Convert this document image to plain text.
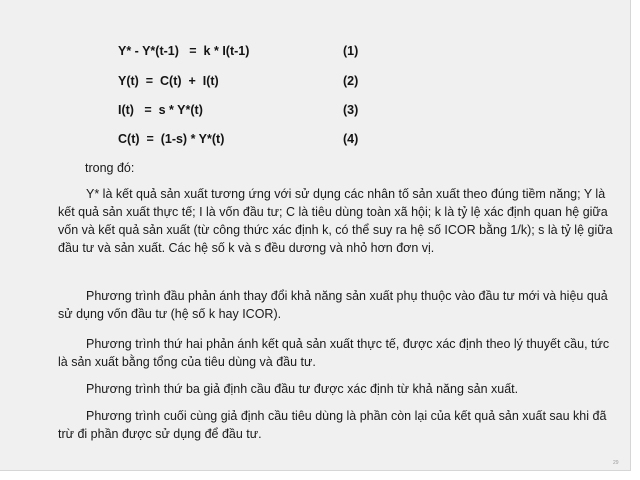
Y* - Y*(t-1)   =  k * I(t-1)

	(1)

Y(t)  =  C(t)  +  I(t)

	(2)

I(t)   =  s * Y*(t)

	(3)

C(t)  =  (1-s) * Y*(t)

	(4)

trong đó:

Y* là kết quả sản xuất tương ứng với sử dụng các nhân tố sản xuất theo đúng tiềm năng; Y là kết quả sản xuất thực tế; I là vốn đầu tư; C là tiêu dùng toàn xã hội; k là tỷ lệ xác định quan hệ giữa vốn và kết quả sản xuất (từ công thức xác định k, có thể suy ra hệ số ICOR bằng 1/k); s là tỷ lệ giữa đầu tư và sản xuất. Các hệ số k và s đều dương và nhỏ hơn đơn vị.

Phương trình đầu phản ánh thay đổi khả năng sản xuất phụ thuộc vào đầu tư mới và hiệu quả sử dụng vốn đầu tư (hệ số k hay ICOR).

Phương trình thứ hai phản ánh kết quả sản xuất thực tế, được xác định theo lý thuyết cầu, tức là sản xuất bằng tổng của tiêu dùng và đầu tư.

Phương trình thứ ba giả định cầu đầu tư được xác định từ khả năng sản xuất.

Phương trình cuối cùng giả định cầu tiêu dùng là phần còn lại của kết quả sản xuất sau khi đã trừ đi phần được sử dụng để đầu tư.

29
